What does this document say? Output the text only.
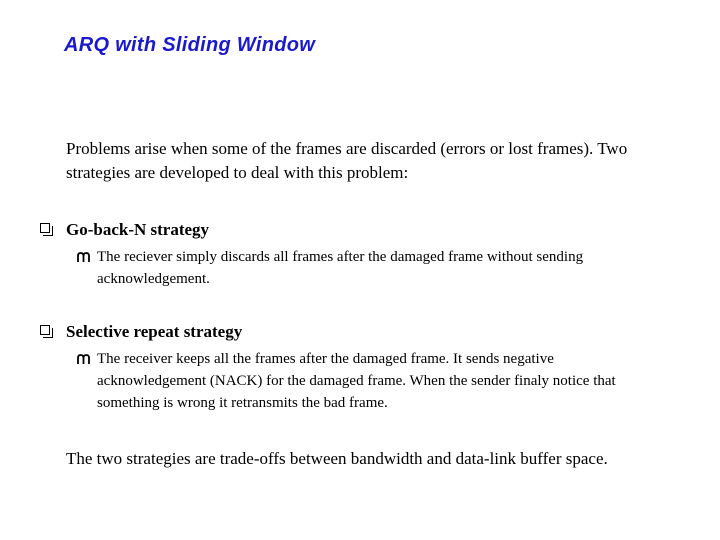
ARQ with Sliding Window
Problems arise when some of the frames are discarded (errors or lost frames). Two strategies are developed to deal with this problem:
Go-back-N strategy
The reciever simply discards all frames after the damaged frame without sending acknowledgement.
Selective repeat strategy
The receiver keeps all the frames after the damaged frame. It sends negative acknowledgement (NACK) for the damaged frame. When the sender finaly notice that something is wrong it retransmits the bad frame.
The two strategies are trade-offs between bandwidth and data-link buffer space.
